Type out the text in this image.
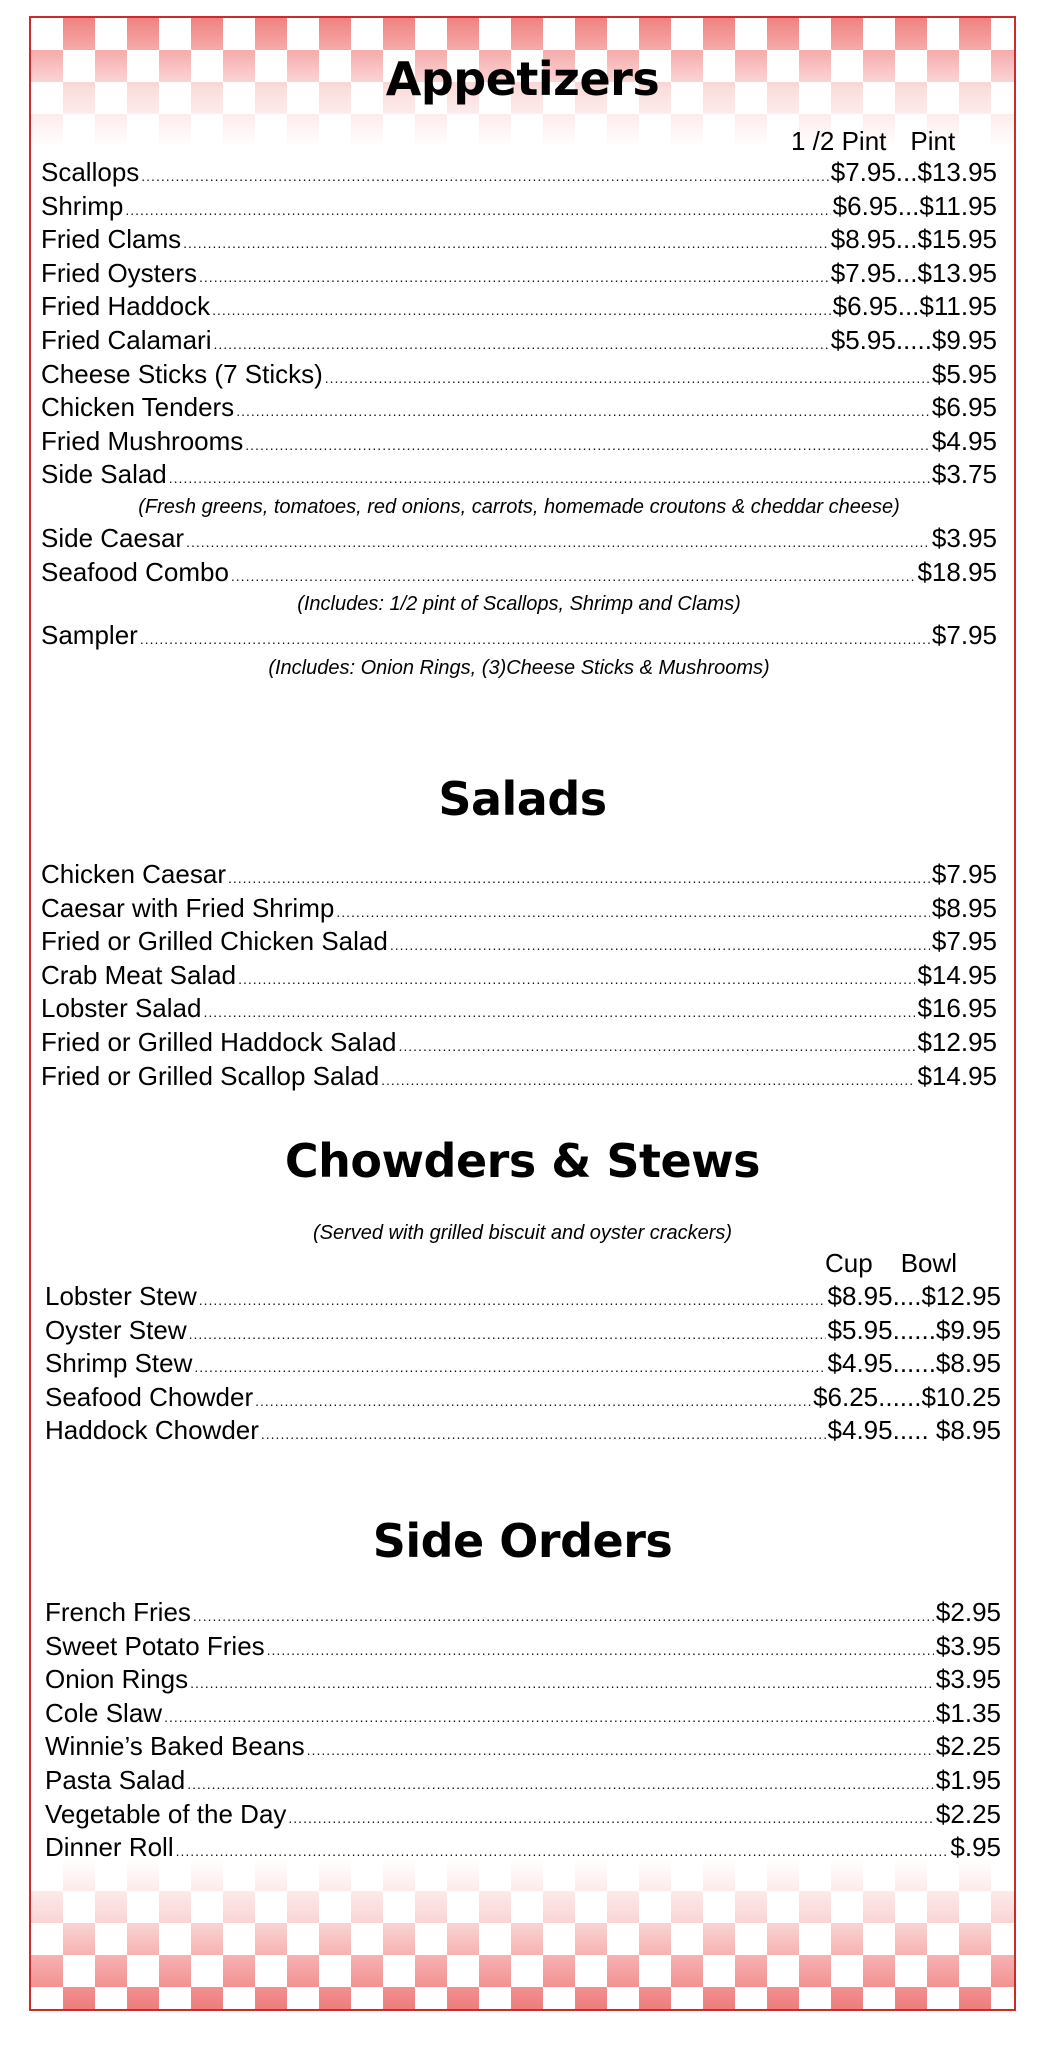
Appetizers
1 /2 Pint Pint
Scallops .....	$7.95...$13.95
Shrimp .....	$6.95...$11.95
Fried Clams .....	$8.95...$15.95
Fried Oysters .....	$7.95...$13.95
Fried Haddock .....	$6.95...$11.95
Fried Calamari .....	$5.95.....$9.95
Cheese Sticks (7 Sticks) .....	$5.95
Chicken Tenders .....	$6.95
Fried Mushrooms .....	$4.95
Side Salad .....	$3.75
(Fresh greens, tomatoes, red onions, carrots, homemade croutons & cheddar cheese)
Side Caesar .....	$3.95
Seafood Combo .....	$18.95
(Includes: 1/2 pint of Scallops, Shrimp and Clams)
Sampler .....	$7.95
(Includes: Onion Rings, (3)Cheese Sticks & Mushrooms)
Salads
Chicken Caesar .....	$7.95
Caesar with Fried Shrimp .....	$8.95
Fried or Grilled Chicken Salad .....	$7.95
Crab Meat Salad .....	$14.95
Lobster Salad .....	$16.95
Fried or Grilled Haddock Salad .....	$12.95
Fried or Grilled Scallop Salad .....	$14.95
Chowders & Stews
(Served with grilled biscuit and oyster crackers)
Cup Bowl
Lobster Stew .....	$8.95....$12.95
Oyster Stew .....	$5.95......$9.95
Shrimp Stew .....	$4.95......$8.95
Seafood Chowder .....	$6.25......$10.25
Haddock Chowder .....	$4.95..... $8.95
Side Orders
French Fries .....	$2.95
Sweet Potato Fries .....	$3.95
Onion Rings .....	$3.95
Cole Slaw .....	$1.35
Winnie’s Baked Beans .....	$2.25
Pasta Salad .....	$1.95
Vegetable of the Day .....	$2.25
Dinner Roll .....	$.95
